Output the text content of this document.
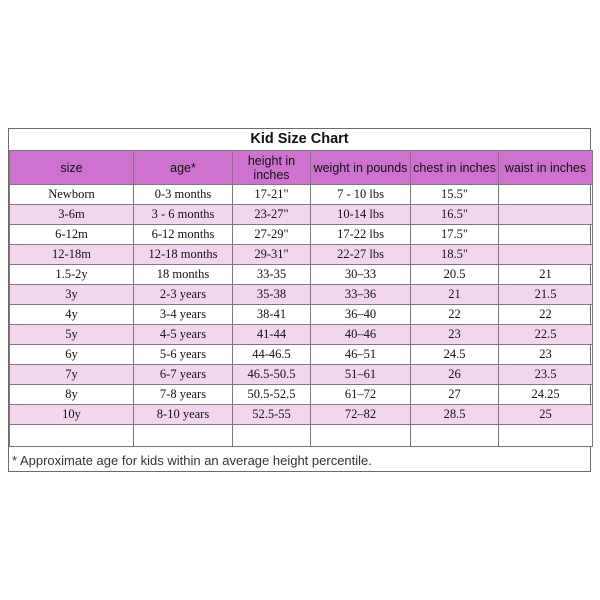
Kid Size Chart
size	age*	height in inches	weight in pounds	chest in inches	waist in inches
Newborn	0-3 months	17-21"	7 - 10 lbs	15.5"	
3-6m	3 - 6 months	23-27"	10-14 lbs	16.5"	
6-12m	6-12 months	27-29"	17-22 lbs	17.5"	
12-18m	12-18 months	29-31"	22-27 lbs	18.5"	
1.5-2y	18 months	33-35	30–33	20.5	21
3y	2-3 years	35-38	33–36	21	21.5
4y	3-4 years	38-41	36–40	22	22
5y	4-5 years	41-44	40–46	23	22.5
6y	5-6 years	44-46.5	46–51	24.5	23
7y	6-7 years	46.5-50.5	51–61	26	23.5
8y	7-8 years	50.5-52.5	61–72	27	24.25
10y	8-10 years	52.5-55	72–82	28.5	25

* Approximate age for kids within an average height percentile.
